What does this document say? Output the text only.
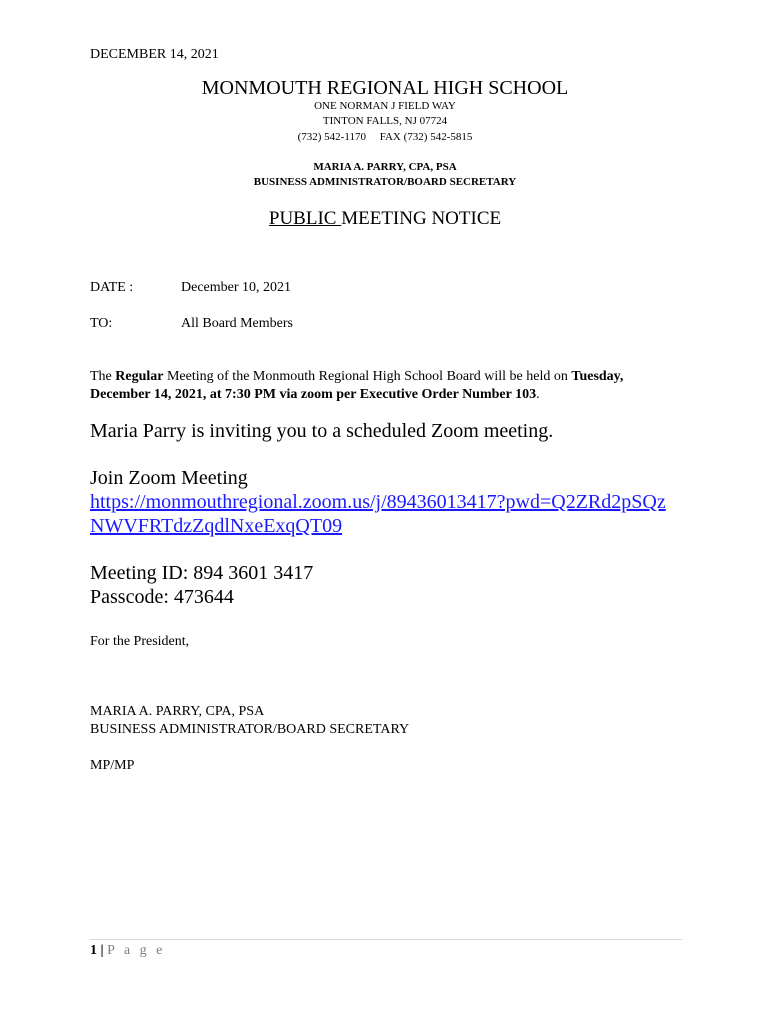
DECEMBER 14, 2021
MONMOUTH REGIONAL HIGH SCHOOL
ONE NORMAN J FIELD WAY
TINTON FALLS, NJ 07724
(732) 542-1170     FAX (732) 542-5815
MARIA A. PARRY, CPA, PSA
BUSINESS ADMINISTRATOR/BOARD SECRETARY
PUBLIC MEETING NOTICE
DATE :	December 10, 2021
TO:	All Board Members
The Regular Meeting of the Monmouth Regional High School Board will be held on Tuesday,
December 14, 2021, at 7:30 PM via zoom per Executive Order Number 103.
Maria Parry is inviting you to a scheduled Zoom meeting.
Join Zoom Meeting
https://monmouthregional.zoom.us/j/89436013417?pwd=Q2ZRd2pSQz
NWVFRTdzZqdlNxeExqQT09
Meeting ID: 894 3601 3417
Passcode: 473644
For the President,
MARIA A. PARRY, CPA, PSA
BUSINESS ADMINISTRATOR/BOARD SECRETARY
MP/MP
1 | P a g e
